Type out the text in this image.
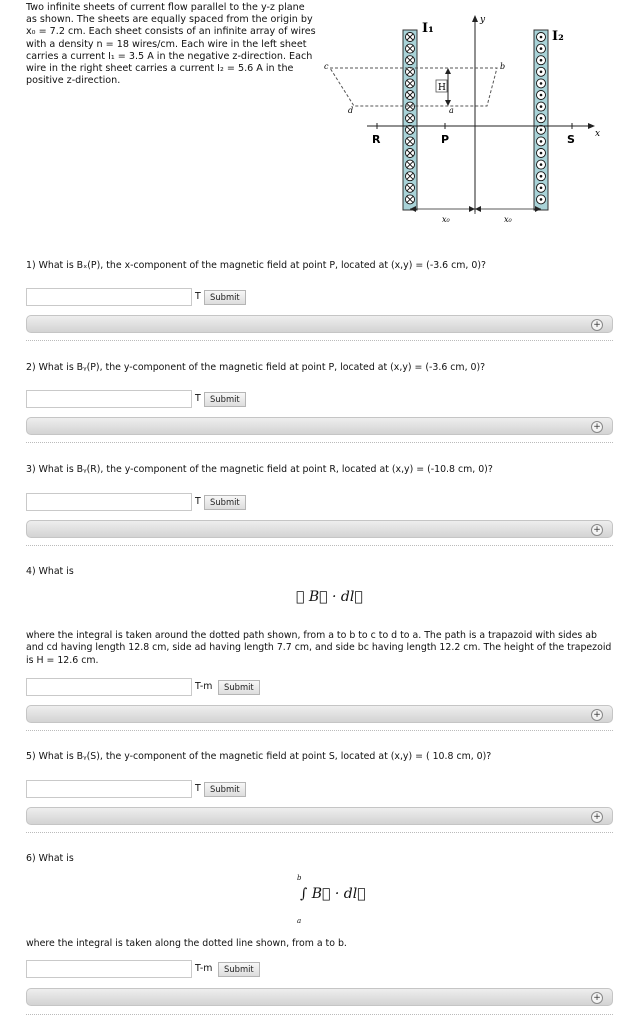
Two infinite sheets of current flow parallel to the y-z plane as shown. The sheets are equally spaced from the origin by x₀ = 7.2 cm. Each sheet consists of an infinite array of wires with a density n = 18 wires/cm. Each wire in the left sheet carries a current I₁ = 3.5 A in the negative z-direction. Each wire in the right sheet carries a current I₂ = 5.6 A in the positive z-direction.
I₁
I₂
y
x
R	P	S
H
a
b
c
d
x₀	x₀
1) What is Bₓ(P), the x-component of the magnetic field at point P, located at (x,y) = (-3.6 cm, 0)?
T	Submit
+
2) What is Bᵧ(P), the y-component of the magnetic field at point P, located at (x,y) = (-3.6 cm, 0)?
T	Submit
+
3) What is Bᵧ(R), the y-component of the magnetic field at point R, located at (x,y) = (-10.8 cm, 0)?
T	Submit
+
4) What is
∮ B⃗ · dl⃗
where the integral is taken around the dotted path shown, from a to b to c to d to a. The path is a trapazoid with sides ab and cd having length 12.8 cm, side ad having length 7.7 cm, and side bc having length 12.2 cm. The height of the trapezoid is H = 12.6 cm.
T-m	Submit
+
5) What is Bᵧ(S), the y-component of the magnetic field at point S, located at (x,y) = ( 10.8 cm, 0)?
T	Submit
+
6) What is
b
∫ B⃗ · dl⃗
a
where the integral is taken along the dotted line shown, from a to b.
T-m	Submit
+
